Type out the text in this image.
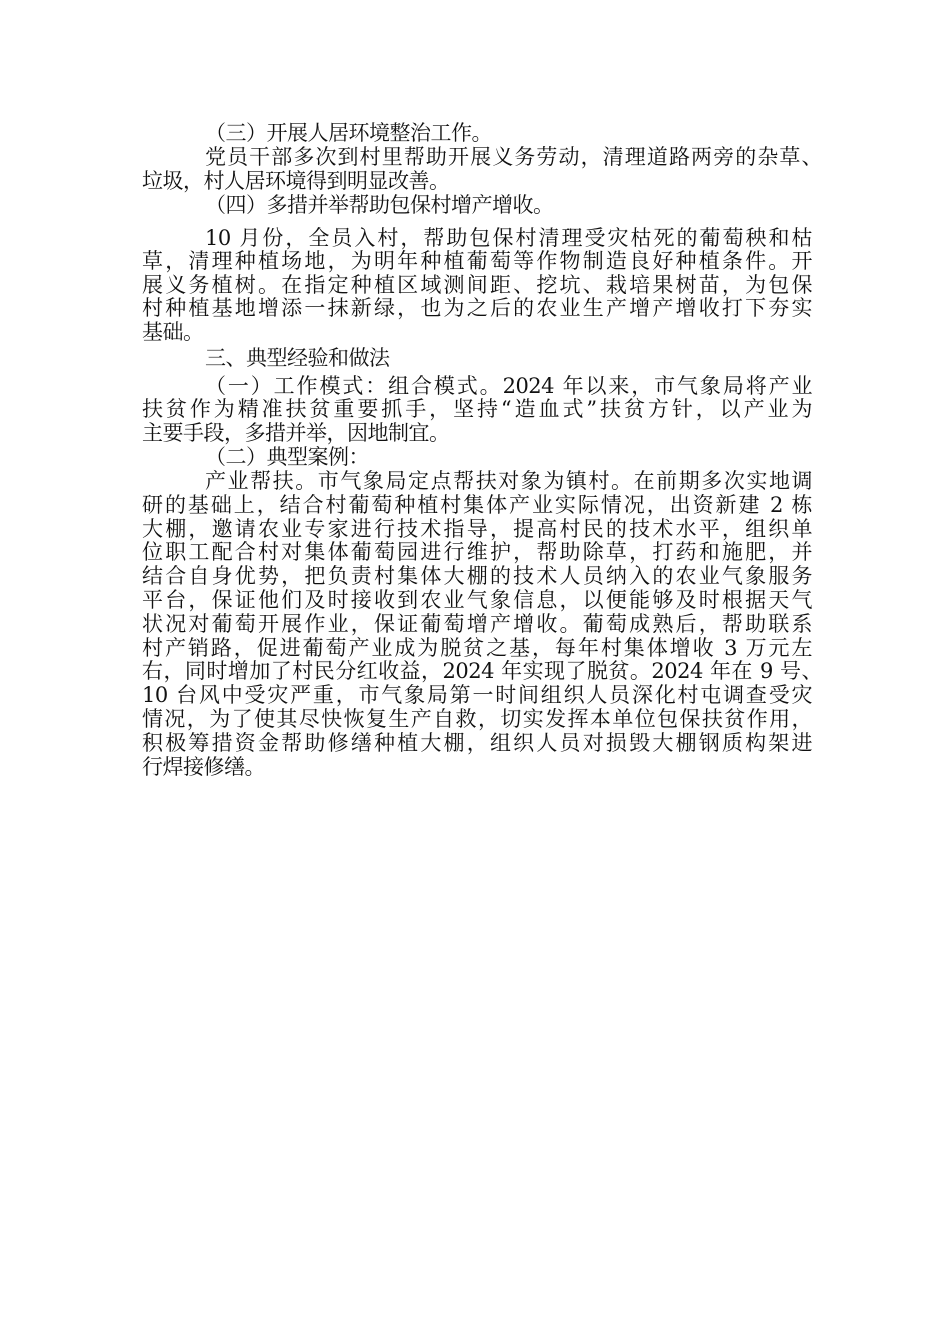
（三）开展人居环境整治工作。
党员干部多次到村里帮助开展义务劳动，清理道路两旁的杂草、
垃圾，村人居环境得到明显改善。
（四）多措并举帮助包保村增产增收。
10 月份，全员入村，帮助包保村清理受灾枯死的葡萄秧和枯
草，清理种植场地，为明年种植葡萄等作物制造良好种植条件。开
展义务植树。在指定种植区域测间距、挖坑、栽培果树苗，为包保
村种植基地增添一抹新绿，也为之后的农业生产增产增收打下夯实
基础。
三、典型经验和做法
（一）工作模式：组合模式。2024 年以来，市气象局将产业
扶贫作为精准扶贫重要抓手，坚持“造血式”扶贫方针，以产业为
主要手段，多措并举，因地制宜。
（二）典型案例：
产业帮扶。市气象局定点帮扶对象为镇村。在前期多次实地调
研的基础上，结合村葡萄种植村集体产业实际情况，出资新建 2 栋
大棚，邀请农业专家进行技术指导，提高村民的技术水平，组织单
位职工配合村对集体葡萄园进行维护，帮助除草，打药和施肥，并
结合自身优势，把负责村集体大棚的技术人员纳入的农业气象服务
平台，保证他们及时接收到农业气象信息，以便能够及时根据天气
状况对葡萄开展作业，保证葡萄增产增收。葡萄成熟后，帮助联系
村产销路，促进葡萄产业成为脱贫之基，每年村集体增收 3 万元左
右，同时增加了村民分红收益，2024 年实现了脱贫。2024 年在 9 号、
10 台风中受灾严重，市气象局第一时间组织人员深化村屯调查受灾
情况，为了使其尽快恢复生产自救，切实发挥本单位包保扶贫作用，
积极筹措资金帮助修缮种植大棚，组织人员对损毁大棚钢质构架进
行焊接修缮。
